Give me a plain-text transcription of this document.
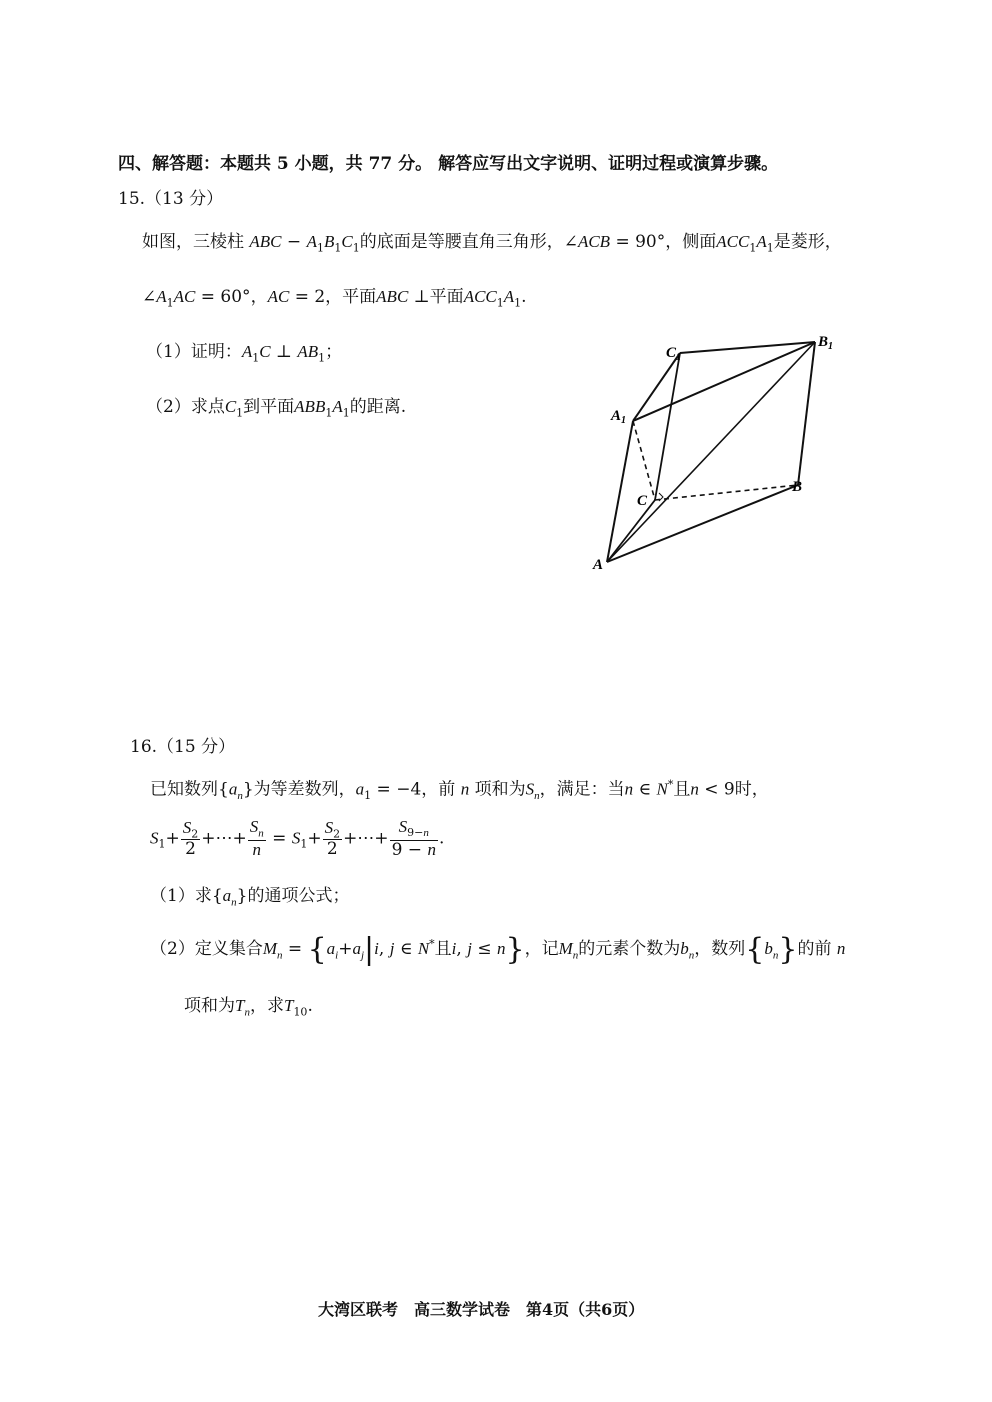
四、解答题：本题共 5 小题，共 77 分。 解答应写出文字说明、证明过程或演算步骤。
15.（13 分）
如图，三棱柱 ABC − $A_1B_1C_1$的底面是等腰直角三角形，∠ACB = 90°，侧面$ACC_1A_1$是菱形，
$\angle A_1AC = 60^\circ$，AC = 2，平面ABC ⊥平面$ACC_1A_1$.
（1）证明：$A_1C$ ⊥ $AB_1$；
（2）求点$C_1$到平面$ABB_1A_1$的距离.
$C_1$
$B_1$
$A_1$
C
B
A
16.（15 分）
已知数列$\{a_n\}$为等差数列，$a_1 = -4$，前 n 项和为$S_n$，满足：当n ∈ N*且n < 9时，
$S_1+ \frac{S_2}{2}$ +⋯+ $\frac{S_n}{n} = S_1+ \frac{S_2}{2}$ +⋯+ $\frac{S_{9-n}}{9 - n}$ .
（1）求$\{a_n\}$的通项公式；
（2）定义集合$M_n = \{a_i+a_j|i$, j ∈ N*且i, j ≤ n}，记$M_n$的元素个数为$b_n$，数列$\{b_n\}$的前 n
项和为$T_n$，求$T_{10}$.
大湾区联考　高三数学试卷　第4页（共6页）
